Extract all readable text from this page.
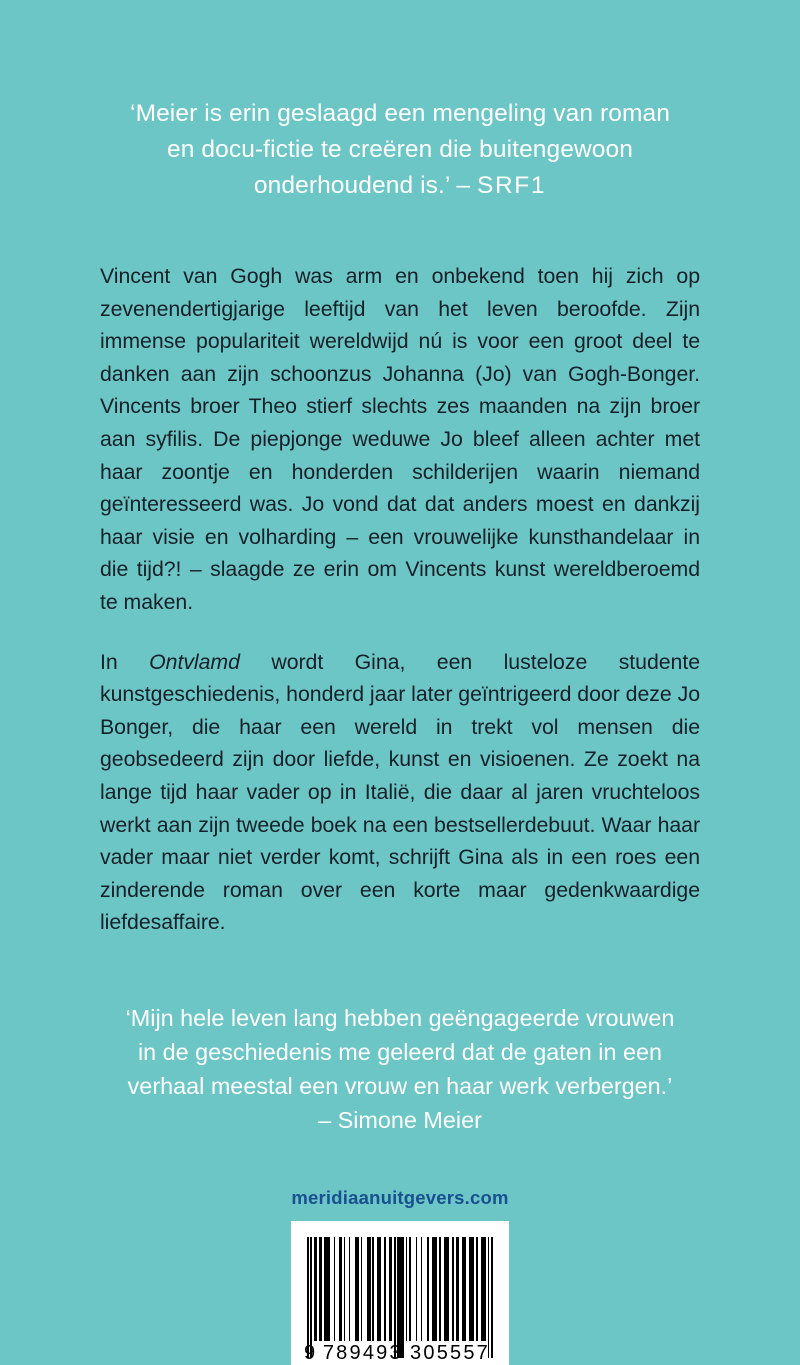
‘Meier is erin geslaagd een mengeling van roman
en docu-fictie te creëren die buitengewoon
onderhoudend is.’ – SRF1

Vincent van Gogh was arm en onbekend toen hij zich op zevenendertigjarige leeftijd van het leven beroofde. Zijn immense populariteit wereldwijd nú is voor een groot deel te danken aan zijn schoonzus Johanna (Jo) van Gogh-Bonger. Vincents broer Theo stierf slechts zes maanden na zijn broer aan syfilis. De piepjonge weduwe Jo bleef alleen achter met haar zoontje en honderden schilderijen waarin niemand geïnteresseerd was. Jo vond dat dat anders moest en dankzij haar visie en volharding – een vrouwelijke kunsthandelaar in die tijd?! – slaagde ze erin om Vincents kunst wereldberoemd te maken.

In Ontvlamd wordt Gina, een lusteloze studente kunstgeschiedenis, honderd jaar later geïntrigeerd door deze Jo Bonger, die haar een wereld in trekt vol mensen die geobsedeerd zijn door liefde, kunst en visioenen. Ze zoekt na lange tijd haar vader op in Italië, die daar al jaren vruchteloos werkt aan zijn tweede boek na een bestsellerdebuut. Waar haar vader maar niet verder komt, schrijft Gina als in een roes een zinderende roman over een korte maar gedenkwaardige liefdesaffaire.

‘Mijn hele leven lang hebben geëngageerde vrouwen
in de geschiedenis me geleerd dat de gaten in een
verhaal meestal een vrouw en haar werk verbergen.’
– Simone Meier
meridiaanuitgevers.com
9 789493 305557
